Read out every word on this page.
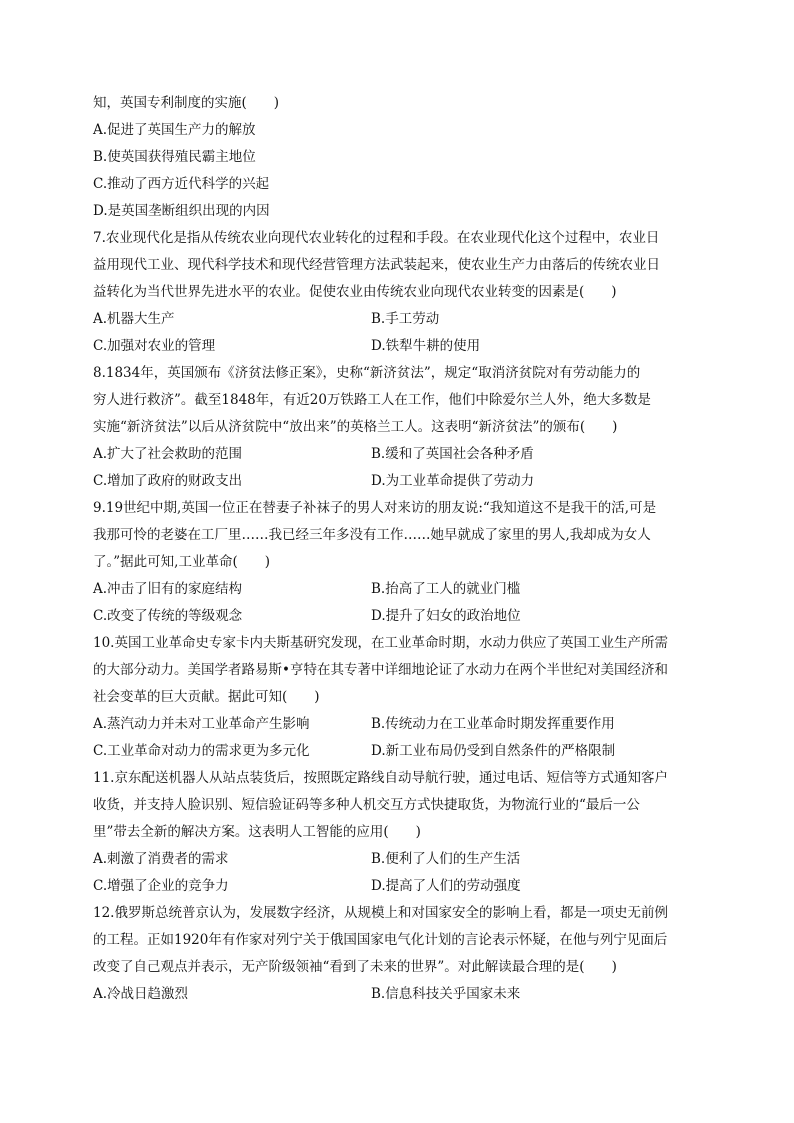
知，英国专利制度的实施(　　)
A.促进了英国生产力的解放
B.使英国获得殖民霸主地位
C.推动了西方近代科学的兴起
D.是英国垄断组织出现的内因
7.农业现代化是指从传统农业向现代农业转化的过程和手段。在农业现代化这个过程中，农业日
益用现代工业、现代科学技术和现代经营管理方法武装起来，使农业生产力由落后的传统农业日
益转化为当代世界先进水平的农业。促使农业由传统农业向现代农业转变的因素是(　　)
A.机器大生产	B.手工劳动
C.加强对农业的管理	D.铁犁牛耕的使用
8.1834年，英国颁布《济贫法修正案》，史称“新济贫法”，规定“取消济贫院对有劳动能力的
穷人进行救济”。截至1848年，有近20万铁路工人在工作，他们中除爱尔兰人外，绝大多数是
实施“新济贫法”以后从济贫院中“放出来”的英格兰工人。这表明“新济贫法”的颁布(　　)
A.扩大了社会救助的范围	B.缓和了英国社会各种矛盾
C.增加了政府的财政支出	D.为工业革命提供了劳动力
9.19世纪中期,英国一位正在替妻子补袜子的男人对来访的朋友说:“我知道这不是我干的活,可是
我那可怜的老婆在工厂里……我已经三年多没有工作……她早就成了家里的男人,我却成为女人
了。”据此可知,工业革命(　　)
A.冲击了旧有的家庭结构	B.抬高了工人的就业门槛
C.改变了传统的等级观念	D.提升了妇女的政治地位
10.英国工业革命史专家卡内夫斯基研究发现，在工业革命时期，水动力供应了英国工业生产所需
的大部分动力。美国学者路易斯•亨特在其专著中详细地论证了水动力在两个半世纪对美国经济和
社会变革的巨大贡献。据此可知(　　)
A.蒸汽动力并未对工业革命产生影响	B.传统动力在工业革命时期发挥重要作用
C.工业革命对动力的需求更为多元化	D.新工业布局仍受到自然条件的严格限制
11.京东配送机器人从站点装货后，按照既定路线自动导航行驶，通过电话、短信等方式通知客户
收货，并支持人脸识别、短信验证码等多种人机交互方式快捷取货，为物流行业的“最后一公
里”带去全新的解决方案。这表明人工智能的应用(　　)
A.刺激了消费者的需求	B.便利了人们的生产生活
C.增强了企业的竞争力	D.提高了人们的劳动强度
12.俄罗斯总统普京认为，发展数字经济，从规模上和对国家安全的影响上看，都是一项史无前例
的工程。正如1920年有作家对列宁关于俄国国家电气化计划的言论表示怀疑，在他与列宁见面后
改变了自己观点并表示，无产阶级领袖“看到了未来的世界”。对此解读最合理的是(　　)
A.冷战日趋激烈	B.信息科技关乎国家未来
